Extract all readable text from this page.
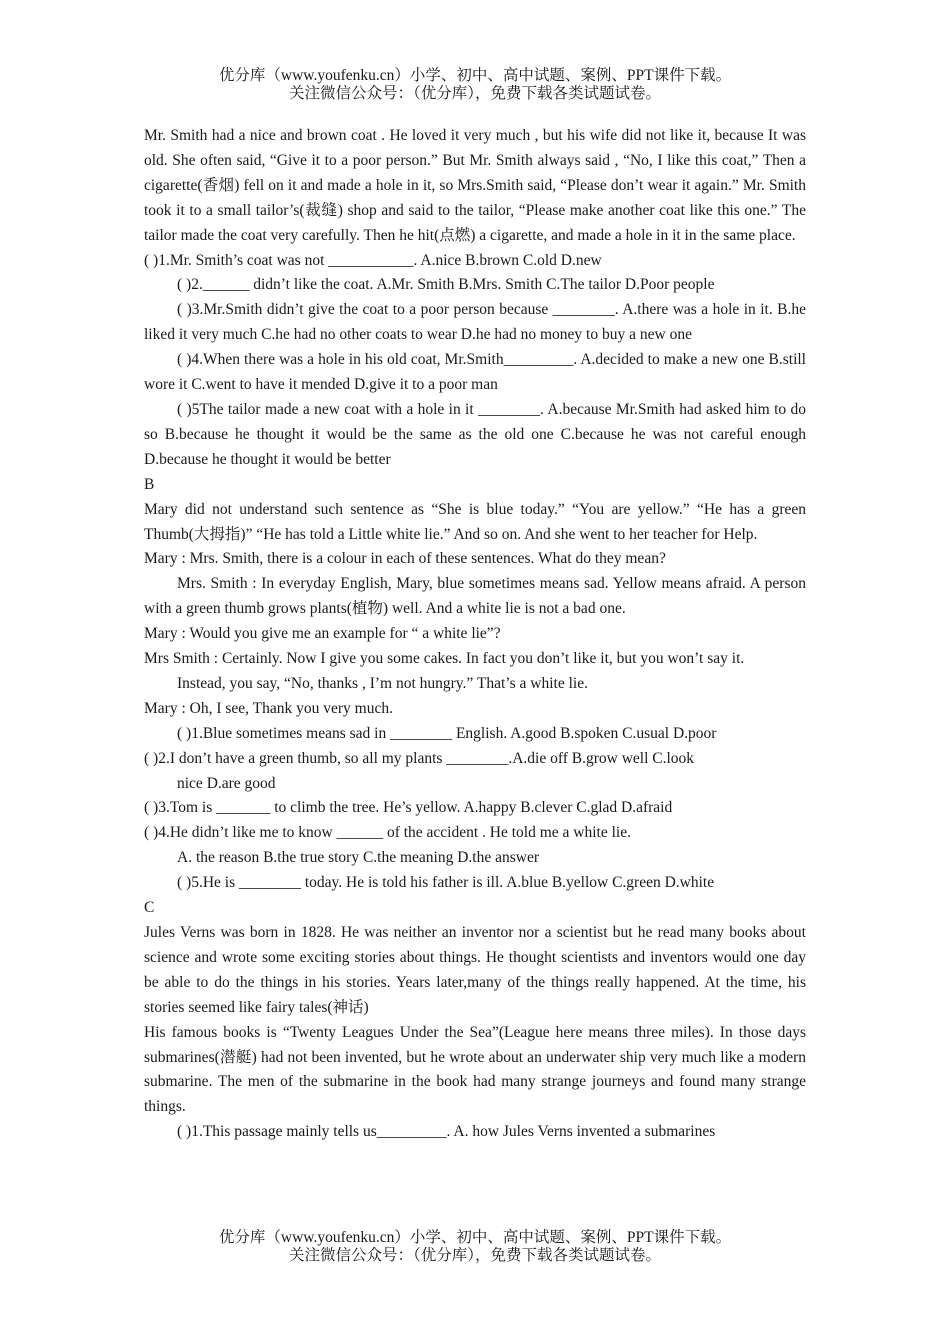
优分库（www.youfenku.cn）小学、初中、高中试题、案例、PPT课件下载。
关注微信公众号：（优分库），免费下载各类试题试卷。

Mr. Smith had a nice and brown coat . He loved it very much , but his wife did not like it, because It was old. She often said, “Give it to a poor person.” But Mr. Smith always said , “No, I like this coat,” Then a cigarette(香烟) fell on it and made a hole in it, so Mrs.Smith said, “Please don’t wear it again.” Mr. Smith took it to a small tailor’s(裁缝) shop and said to the tailor, “Please make another coat like this one.” The tailor made the coat very carefully. Then he hit(点燃) a cigarette, and made a hole in it in the same place.

( )1.Mr. Smith’s coat was not ___________. A.nice B.brown C.old D.new

( )2.______ didn’t like the coat. A.Mr. Smith B.Mrs. Smith C.The tailor D.Poor people

( )3.Mr.Smith didn’t give the coat to a poor person because ________. A.there was a hole in it. B.he liked it very much C.he had no other coats to wear D.he had no money to buy a new one

( )4.When there was a hole in his old coat, Mr.Smith_________. A.decided to make a new one B.still wore it C.went to have it mended D.give it to a poor man

( )5The tailor made a new coat with a hole in it ________. A.because Mr.Smith had asked him to do so B.because he thought it would be the same as the old one C.because he was not careful enough D.because he thought it would be better

B

Mary did not understand such sentence as “She is blue today.” “You are yellow.” “He has a green Thumb(大拇指)” “He has told a Little white lie.” And so on. And she went to her teacher for Help.

Mary : Mrs. Smith, there is a colour in each of these sentences. What do they mean?

Mrs. Smith : In everyday English, Mary, blue sometimes means sad. Yellow means afraid. A person with a green thumb grows plants(植物) well. And a white lie is not a bad one.

Mary : Would you give me an example for “ a white lie”?

Mrs Smith : Certainly. Now I give you some cakes. In fact you don’t like it, but you won’t say it.

Instead, you say, “No, thanks , I’m not hungry.” That’s a white lie.

Mary : Oh, I see, Thank you very much.

( )1.Blue sometimes means sad in ________ English. A.good B.spoken C.usual D.poor

( )2.I don’t have a green thumb, so all my plants ________.A.die off B.grow well C.look

nice D.are good

( )3.Tom is _______ to climb the tree. He’s yellow. A.happy B.clever C.glad D.afraid

( )4.He didn’t like me to know ______ of the accident . He told me a white lie.

A. the reason B.the true story C.the meaning D.the answer

( )5.He is ________ today. He is told his father is ill. A.blue B.yellow C.green D.white

C

Jules Verns was born in 1828. He was neither an inventor nor a scientist but he read many books about science and wrote some exciting stories about things. He thought scientists and inventors would one day be able to do the things in his stories. Years later,many of the things really happened. At the time, his stories seemed like fairy tales(神话)

His famous books is “Twenty Leagues Under the Sea”(League here means three miles). In those days submarines(潜艇) had not been invented, but he wrote about an underwater ship very much like a modern submarine. The men of the submarine in the book had many strange journeys and found many strange things.

( )1.This passage mainly tells us_________. A. how Jules Verns invented a submarines

优分库（www.youfenku.cn）小学、初中、高中试题、案例、PPT课件下载。
关注微信公众号：（优分库），免费下载各类试题试卷。
